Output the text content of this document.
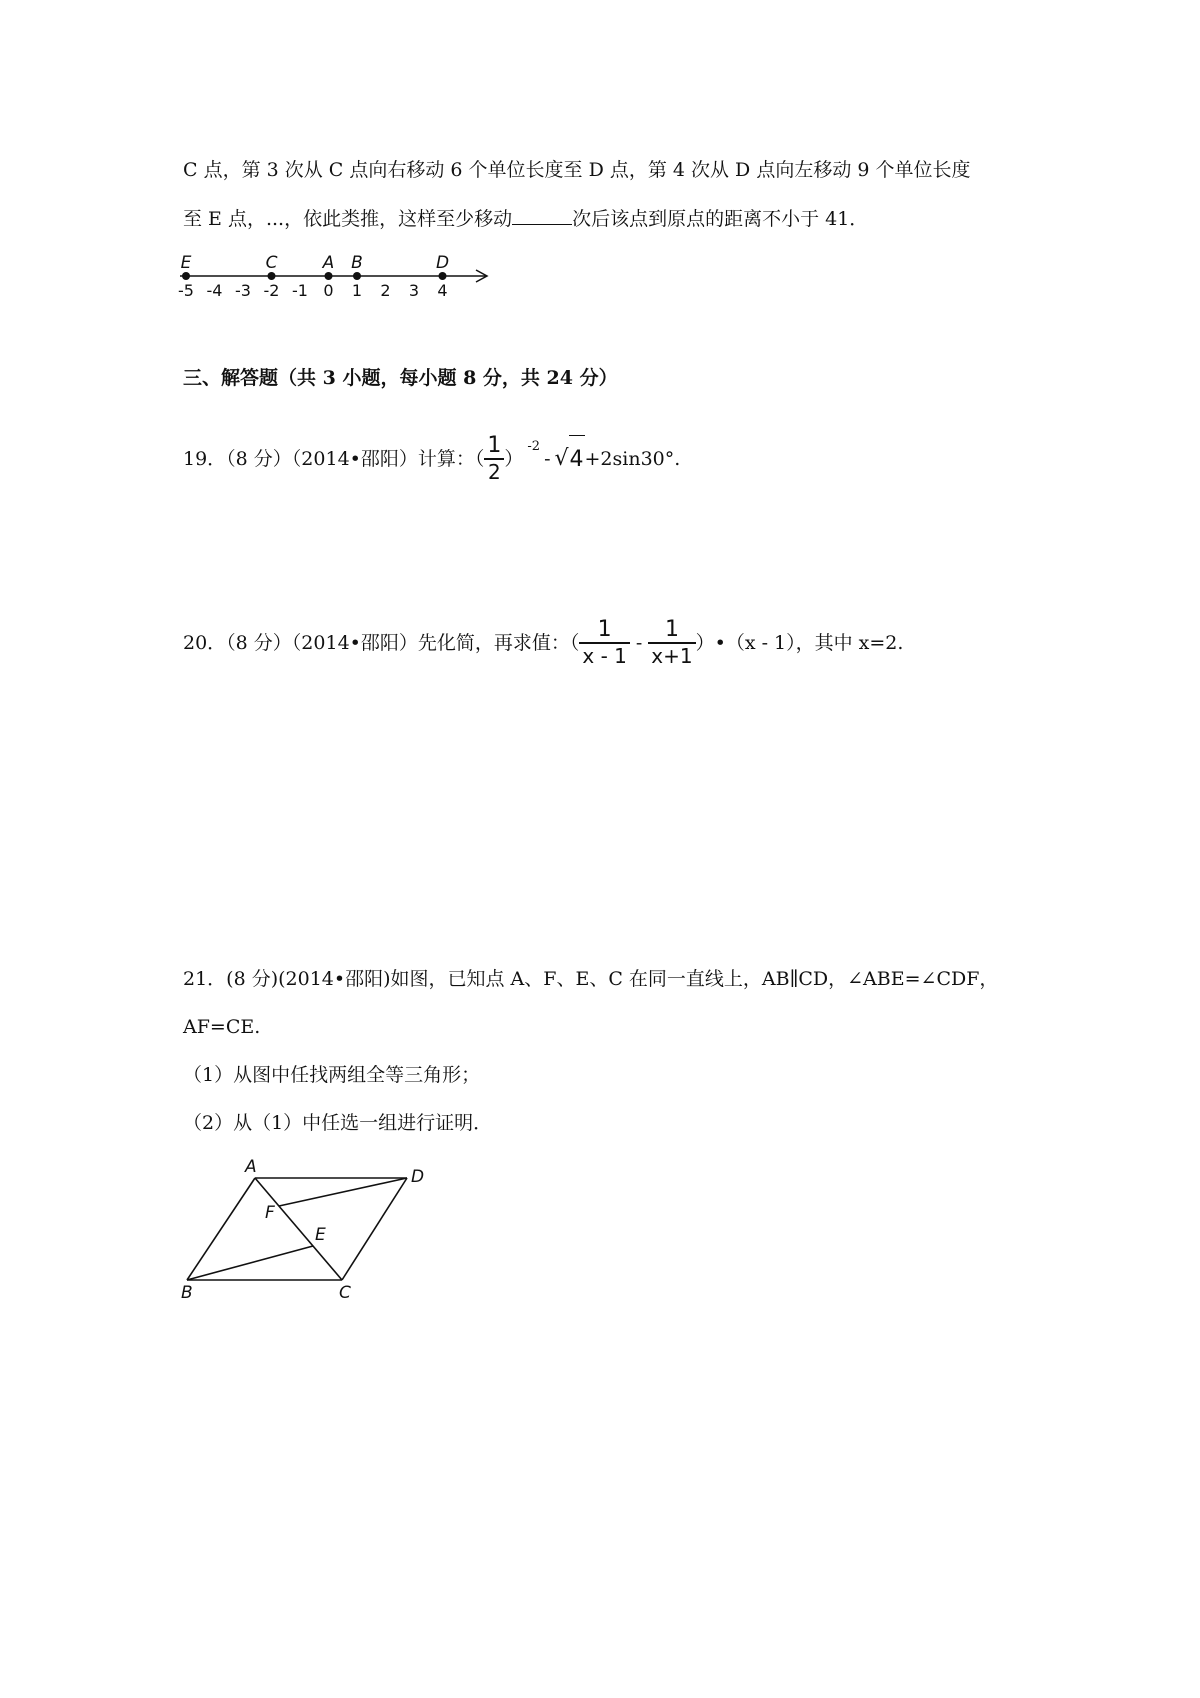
C 点，第 3 次从 C 点向右移动 6 个单位长度至 D 点，第 4 次从 D 点向左移动 9 个单位长度
至 E 点，...，依此类推，这样至少移动	次后该点到原点的距离不小于 41．
-5 -4 -3 -2 -1 0 1 2 3 4
E	C	A B	D
三、解答题（共 3 小题，每小题 8 分，共 24 分）
19．（8 分）（2014•邵阳）计算：（ $\frac{1}{2} )^{-2}-$ √4+2sin30°.
20．（8 分）（2014•邵阳）先化简，再求值：（ $\frac{1}{x - 1} - \frac{1}{x+1}$ ）•（x - 1），其中 x=2.
21．(8 分)(2014•邵阳)如图，已知点 A、F、E、C 在同一直线上，AB∥CD，∠ABE=∠CDF，
AF=CE.
（1）从图中任找两组全等三角形；
（2）从（1）中任选一组进行证明．
A
B	C
D
E
F
